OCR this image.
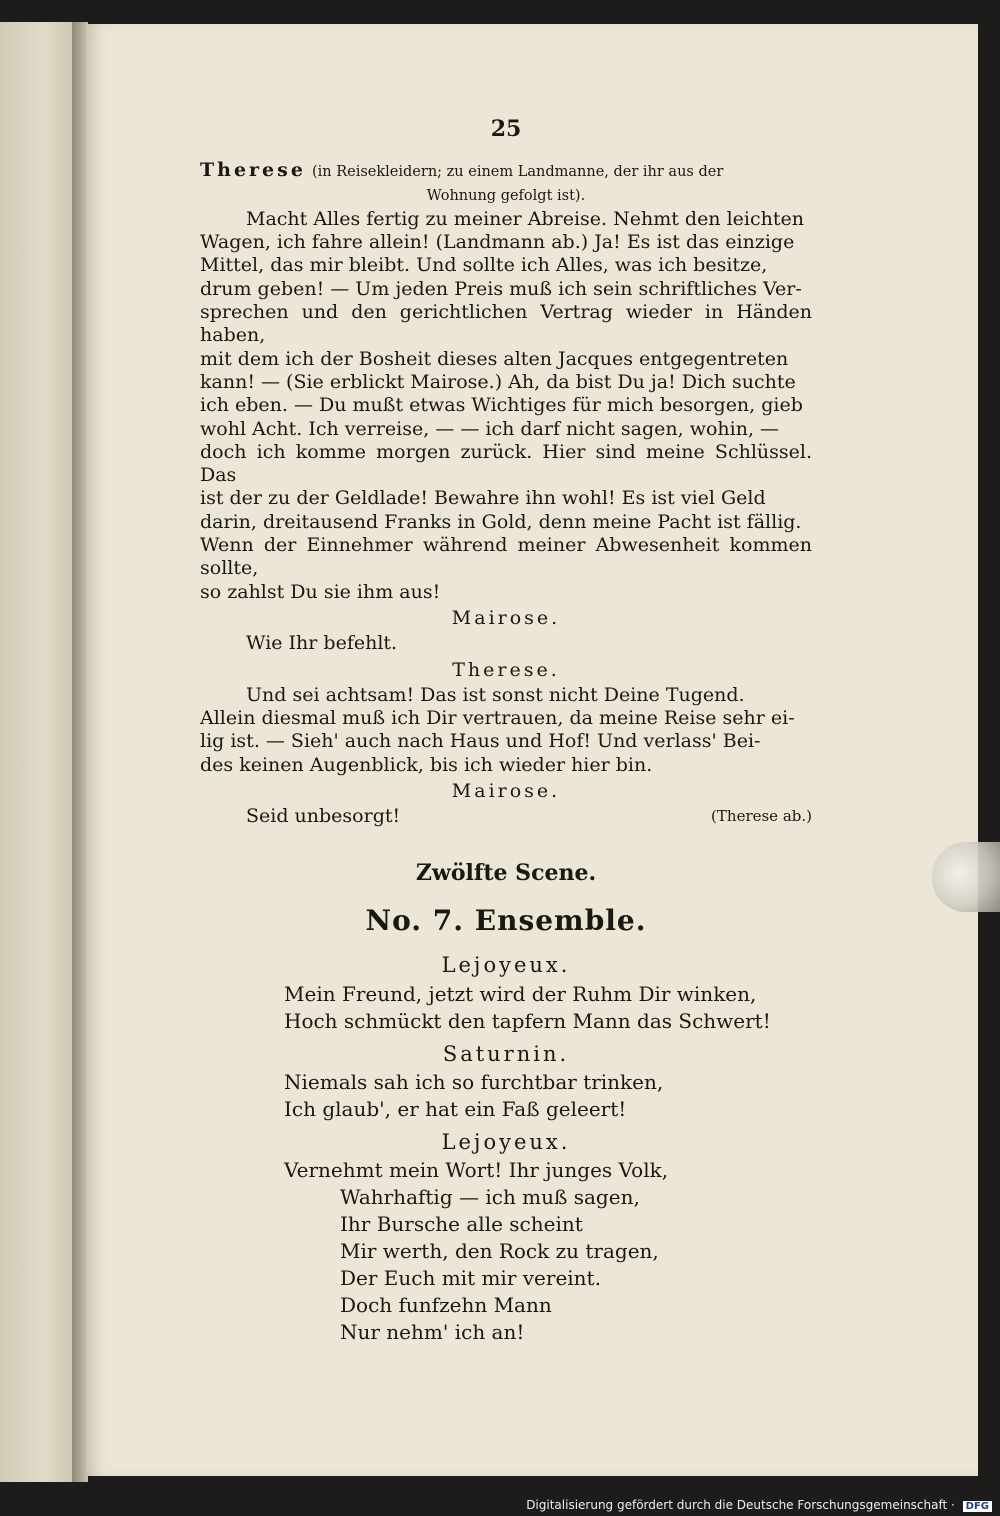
25

Therese (in Reisekleidern; zu einem Landmanne, der ihr aus der

Wohnung gefolgt ist).

Macht Alles fertig zu meiner Abreise. Nehmt den leichten

Wagen, ich fahre allein! (Landmann ab.) Ja! Es ist das einzige

Mittel, das mir bleibt. Und sollte ich Alles, was ich besitze,

drum geben! — Um jeden Preis muß ich sein schriftliches Ver-

sprechen und den gerichtlichen Vertrag wieder in Händen haben,

mit dem ich der Bosheit dieses alten Jacques entgegentreten

kann! — (Sie erblickt Mairose.) Ah, da bist Du ja! Dich suchte

ich eben. — Du mußt etwas Wichtiges für mich besorgen, gieb

wohl Acht. Ich verreise, — — ich darf nicht sagen, wohin, —

doch ich komme morgen zurück. Hier sind meine Schlüssel. Das

ist der zu der Geldlade! Bewahre ihn wohl! Es ist viel Geld

darin, dreitausend Franks in Gold, denn meine Pacht ist fällig.

Wenn der Einnehmer während meiner Abwesenheit kommen sollte,

so zahlst Du sie ihm aus!

Mairose.

Wie Ihr befehlt.

Therese.

Und sei achtsam! Das ist sonst nicht Deine Tugend.

Allein diesmal muß ich Dir vertrauen, da meine Reise sehr ei-

lig ist. — Sieh' auch nach Haus und Hof! Und verlass' Bei-

des keinen Augenblick, bis ich wieder hier bin.

Mairose.
Seid unbesorgt!	(Therese ab.)
Zwölfte Scene.
No. 7. Ensemble.
Lejoyeux.

Mein Freund, jetzt wird der Ruhm Dir winken,

Hoch schmückt den tapfern Mann das Schwert!

Saturnin.

Niemals sah ich so furchtbar trinken,

Ich glaub', er hat ein Faß geleert!

Lejoyeux.

Vernehmt mein Wort! Ihr junges Volk,

Wahrhaftig — ich muß sagen,

Ihr Bursche alle scheint

Mir werth, den Rock zu tragen,

Der Euch mit mir vereint.

Doch funfzehn Mann

Nur nehm' ich an!

Digitalisierung gefördert durch die Deutsche Forschungsgemeinschaft · DFG
